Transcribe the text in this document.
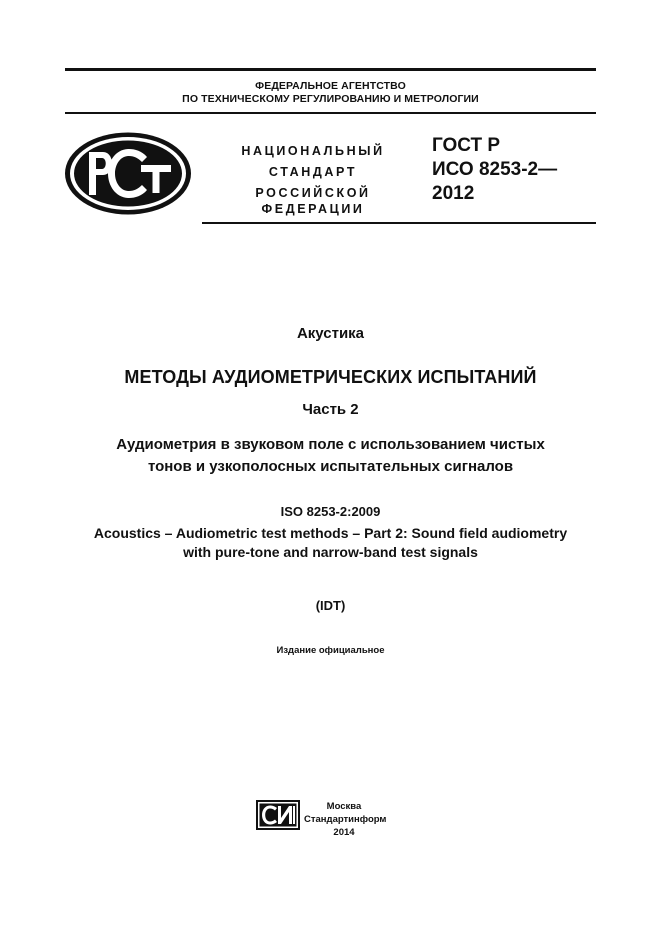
ФЕДЕРАЛЬНОЕ АГЕНТСТВО
ПО ТЕХНИЧЕСКОМУ РЕГУЛИРОВАНИЮ И МЕТРОЛОГИИ
НАЦИОНАЛЬНЫЙ
СТАНДАРТ
РОССИЙСКОЙ
ФЕДЕРАЦИИ
ГОСТ Р
ИСО 8253-2—
2012
Акустика
МЕТОДЫ АУДИОМЕТРИЧЕСКИХ ИСПЫТАНИЙ
Часть 2
Аудиометрия в звуковом поле с использованием чистых
тонов и узкополосных испытательных сигналов
ISO 8253-2:2009
Acoustics – Audiometric test methods – Part 2: Sound field audiometry
with pure-tone and narrow-band test signals
(IDT)
Издание официальное
Москва
Стандартинформ
2014
